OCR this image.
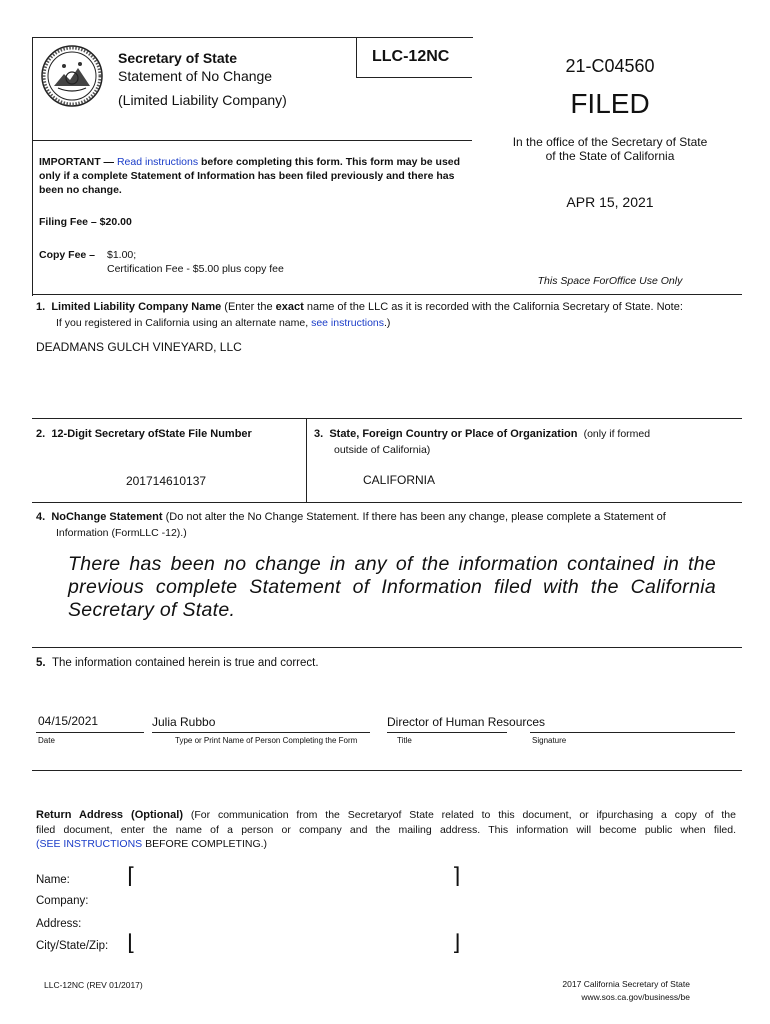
Secretary of State
Statement of No Change
(Limited Liability Company)
LLC-12NC
IMPORTANT — Read instructions before completing this form. This form may be used only if a complete Statement of Information has been filed previously and there has been no change.
Filing Fee – $20.00
Copy Fee – $1.00;
Certification Fee - $5.00 plus copy fee
21-C04560
FILED
In the office of the Secretary of State
of the State of California
APR 15, 2021
This Space ForOffice Use Only
1. Limited Liability Company Name (Enter the exact name of the LLC as it is recorded with the California Secretary of State. Note:
If you registered in California using an alternate name, see instructions.)
DEADMANS GULCH VINEYARD, LLC
2. 12-Digit Secretary ofState File Number
201714610137
3. State, Foreign Country or Place of Organization (only if formed
outside of California)
CALIFORNIA
4. NoChange Statement (Do not alter the No Change Statement. If there has been any change, please complete a Statement of
Information (FormLLC -12).)
There has been no change in any of the information contained in the
previous complete Statement of Information filed with the California
Secretary of State.
5. The information contained herein is true and correct.
04/15/2021	Julia Rubbo	Director of Human Resources
Date	Type or Print Name of Person Completing the Form	Title	Signature
Return Address (Optional) (For communication from the Secretaryof State related to this document, or ifpurchasing a copy of the
filed document, enter the name of a person or company and the mailing address. This information will become public when filed.
(SEE INSTRUCTIONS BEFORE COMPLETING.)
Name:
Company:
Address:
City/State/Zip:
⌈	⌉
⌊	⌋
LLC-12NC (REV 01/2017)	2017 California Secretary of State
www.sos.ca.gov/business/be
